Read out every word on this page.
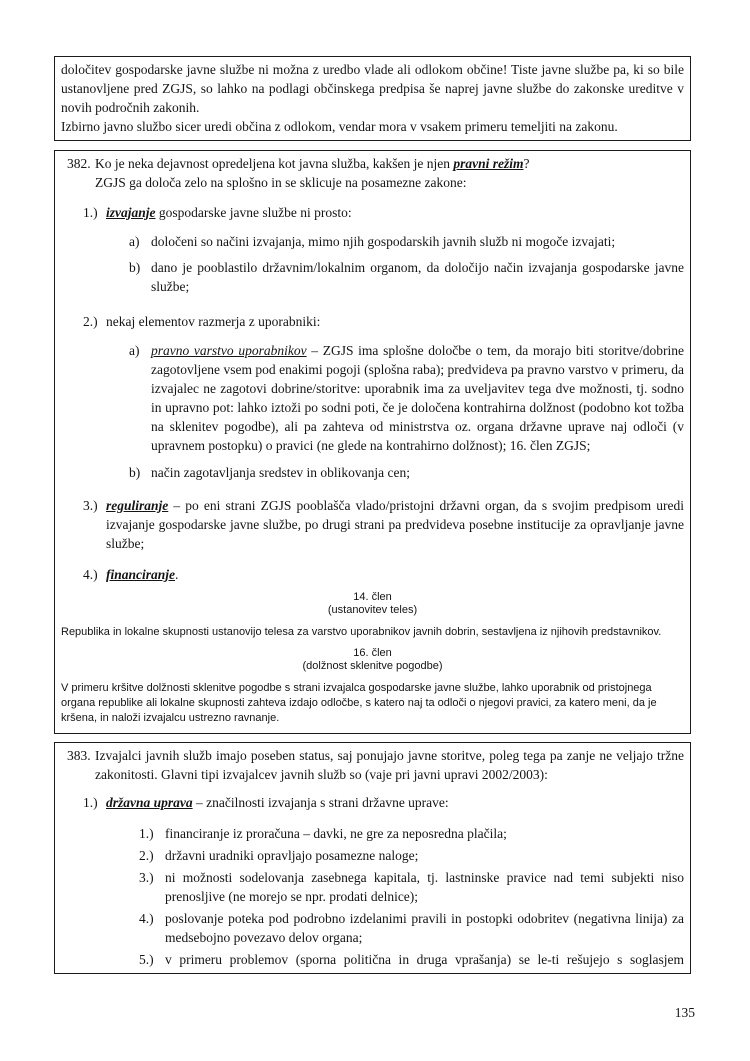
določitev gospodarske javne službe ni možna z uredbo vlade ali odlokom občine! Tiste javne službe pa, ki so bile ustanovljene pred ZGJS, so lahko na podlagi občinskega predpisa še naprej javne službe do zakonske ureditve v novih področnih zakonih.

Izbirno javno službo sicer uredi občina z odlokom, vendar mora v vsakem primeru temeljiti na zakonu.

382. Ko je neka dejavnost opredeljena kot javna služba, kakšen je njen pravni režim?

ZGJS ga določa zelo na splošno in se sklicuje na posamezne zakone:

1.) izvajanje gospodarske javne službe ni prosto:

a) določeni so načini izvajanja, mimo njih gospodarskih javnih služb ni mogoče izvajati;

b) dano je pooblastilo državnim/lokalnim organom, da določijo način izvajanja gospodarske javne službe;

2.) nekaj elementov razmerja z uporabniki:

a) pravno varstvo uporabnikov – ZGJS ima splošne določbe o tem, da morajo biti storitve/dobrine zagotovljene vsem pod enakimi pogoji (splošna raba); predvideva pa pravno varstvo v primeru, da izvajalec ne zagotovi dobrine/storitve: uporabnik ima za uveljavitev tega dve možnosti, tj. sodno in upravno pot: lahko iztoži po sodni poti, če je določena kontrahirna dolžnost (podobno kot tožba na sklenitev pogodbe), ali pa zahteva od ministrstva oz. organa državne uprave naj odloči (v upravnem postopku) o pravici (ne glede na kontrahirno dolžnost); 16. člen ZGJS;

b) način zagotavljanja sredstev in oblikovanja cen;

3.) reguliranje – po eni strani ZGJS pooblašča vlado/pristojni državni organ, da s svojim predpisom uredi izvajanje gospodarske javne službe, po drugi strani pa predvideva posebne institucije za opravljanje javne službe;

4.) financiranje.

14. člen

(ustanovitev teles)

Republika in lokalne skupnosti ustanovijo telesa za varstvo uporabnikov javnih dobrin, sestavljena iz njihovih predstavnikov.

16. člen

(dolžnost sklenitve pogodbe)

V primeru kršitve dolžnosti sklenitve pogodbe s strani izvajalca gospodarske javne službe, lahko uporabnik od pristojnega organa republike ali lokalne skupnosti zahteva izdajo odločbe, s katero naj ta odloči o njegovi pravici, za katero meni, da je kršena, in naloži izvajalcu ustrezno ravnanje.

383. Izvajalci javnih služb imajo poseben status, saj ponujajo javne storitve, poleg tega pa zanje ne veljajo tržne zakonitosti. Glavni tipi izvajalcev javnih služb so (vaje pri javni upravi 2002/2003):

1.) državna uprava – značilnosti izvajanja s strani državne uprave:

1.) financiranje iz proračuna – davki, ne gre za neposredna plačila;

2.) državni uradniki opravljajo posamezne naloge;

3.) ni možnosti sodelovanja zasebnega kapitala, tj. lastninske pravice nad temi subjekti niso prenosljive (ne morejo se npr. prodati delnice);

4.) poslovanje poteka pod podrobno izdelanimi pravili in postopki odobritev (negativna linija) za medsebojno povezavo delov organa;

5.) v primeru problemov (sporna politična in druga vprašanja) se le-ti rešujejo s soglasjem

135
